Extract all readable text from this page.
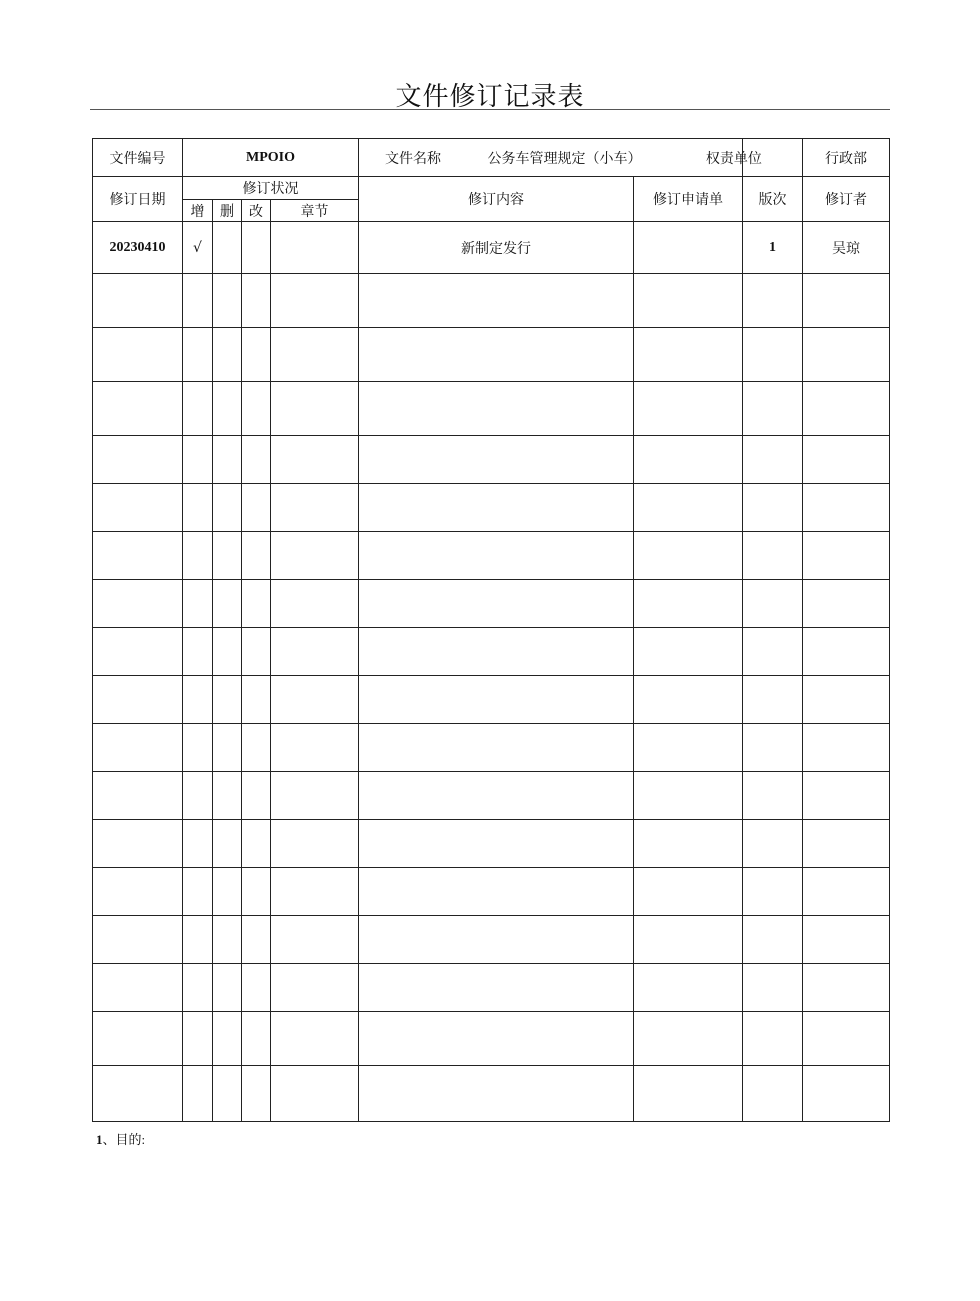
文件修订记录表
文件编号	MPOIO				文件名称 公务车管理规定（小车） 权责单位			行政部
修订日期	修订状况				修订内容	修订申请单	版次	修订者
	增	删	改	章节				
20230410	√				新制定发行		1	吴琼

1、目的:
